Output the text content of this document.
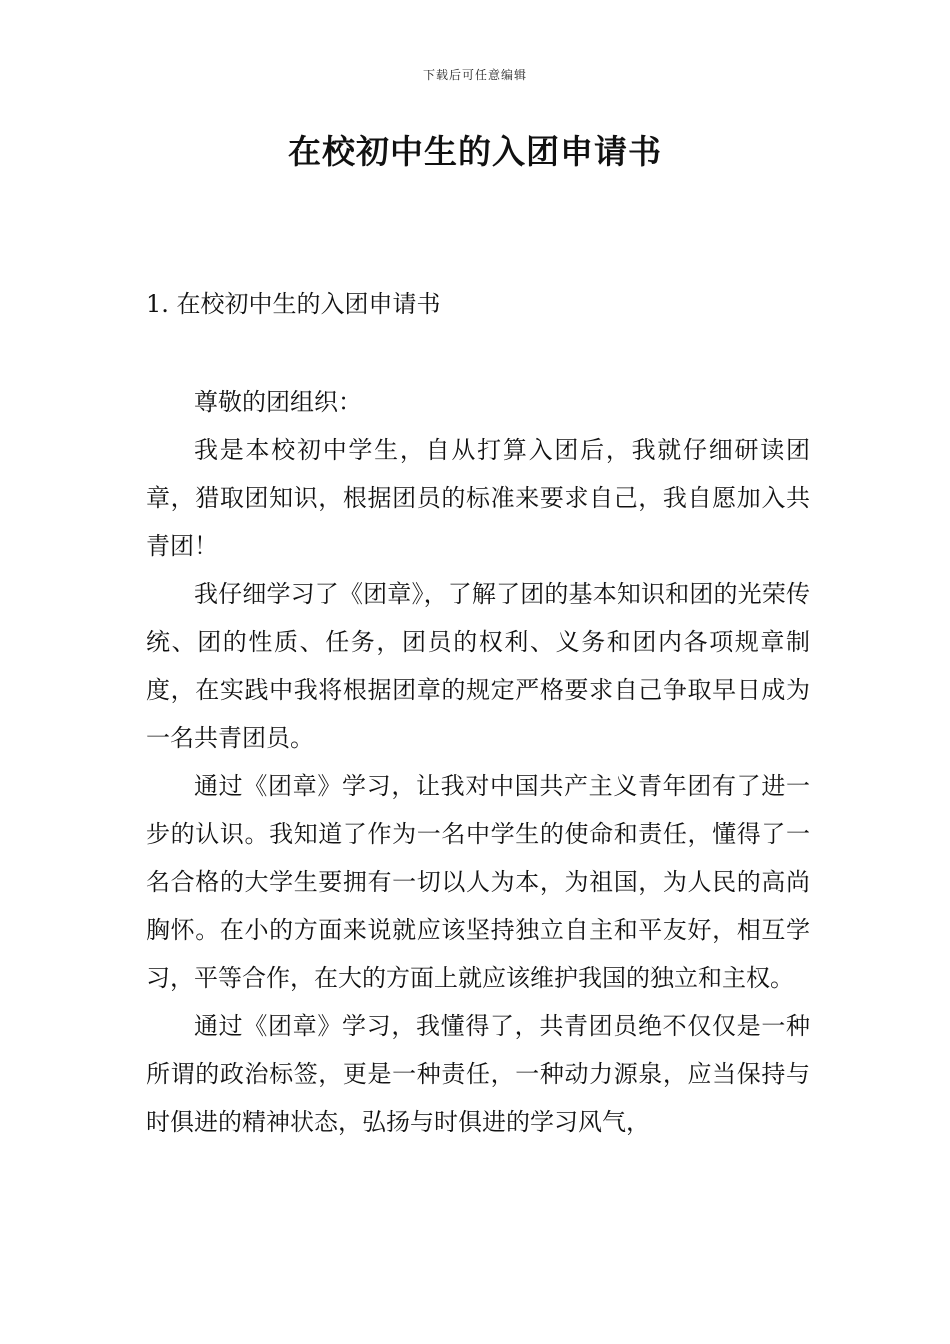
下载后可任意编辑
在校初中生的入团申请书
1. 在校初中生的入团申请书
尊敬的团组织：

我是本校初中学生，自从打算入团后，我就仔细研读团章，猎取团知识，根据团员的标准来要求自己，我自愿加入共青团！

我仔细学习了《团章》，了解了团的基本知识和团的光荣传统、团的性质、任务，团员的权利、义务和团内各项规章制度，在实践中我将根据团章的规定严格要求自己争取早日成为一名共青团员。

通过《团章》学习，让我对中国共产主义青年团有了进一步的认识。我知道了作为一名中学生的使命和责任，懂得了一名合格的大学生要拥有一切以人为本，为祖国，为人民的高尚胸怀。在小的方面来说就应该坚持独立自主和平友好，相互学习，平等合作，在大的方面上就应该维护我国的独立和主权。

通过《团章》学习，我懂得了，共青团员绝不仅仅是一种所谓的政治标签，更是一种责任，一种动力源泉，应当保持与时俱进的精神状态，弘扬与时俱进的学习风气，
